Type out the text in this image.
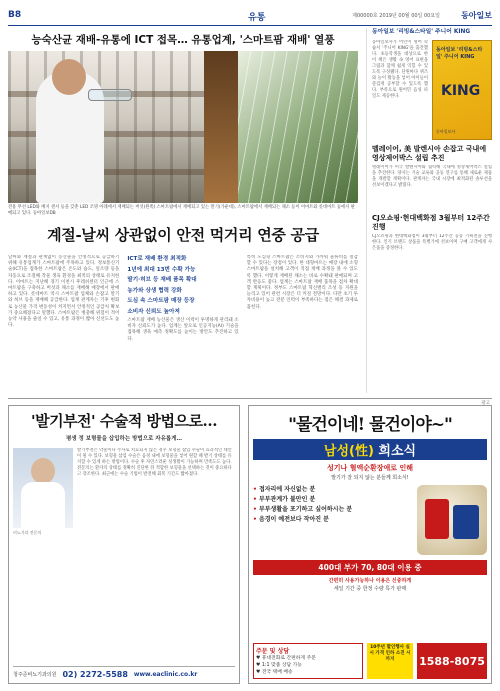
B8	유통	제00000호 2019년 00월 00일 00요일	동아일보
능숙산균 재배-유통에 ICT 접목… 유통업계, '스마트팜 재배' 열풍
전용 무선 LED와 배지 센서 등을 갖춘 LED 조명 아래에서 재배되는 버섯(왼쪽) 스마트팜에서 재배되고 있는 딸기(가운데), 스마트팜에서 재배되는 채소 등이 이마트와 롯데마트 등에서 판매되고 있다. 동아일보DB
계절-날씨 상관없이 안전 먹거리 연중 공급
날씨와 계절과 관계없이 농산물을 안정적으로 공급하기 위해 유통업계가 스마트팜에 주목하고 있다. 정보통신기술(ICT)을 접목한 스마트팜은 온도와 습도, 일조량 등을 자동으로 조절해 작물 생육 환경을 최적의 상태로 유지한다. 이마트는 지난해 경기 이천시 후레쉬센터 인근에 스마트팜을 구축하고 버섯과 채소를 재배해 매장에서 판매하고 있다. 롯데마트 역시 스마트팜 업체와 손잡고 딸기와 허브 등을 재배해 공급한다. 업계 관계자는 기후 변화로 농산물 가격 변동성이 커지면서 안정적인 공급처 확보가 중요해졌다고 말했다. 스마트팜은 병충해 위험이 적어 농약 사용을 줄일 수 있고, 유통 과정이 짧아 신선도도 높다.
ICT로 재배 환경 최적화
1년에 최대 13번 수확 가능
딸기·허브 등 재배 품목 확대
농가와 상생 협력 강화
도심 속 스마트팜 매장 등장
소비자 신뢰도 높아져
스마트팜 재배 농산물은 생산 이력이 투명하게 관리돼 소비자 신뢰도가 높다. 업계는 앞으로 인공지능(AI) 기술을 접목해 생육 예측 정확도를 높이는 방안도 추진하고 있다.
특히 도심형 스마트팜은 소비지와 가까워 물류비를 절감할 수 있다는 장점이 있다. 한 대형마트는 매장 내에 소형 스마트팜을 설치해 고객이 직접 재배 과정을 볼 수 있도록 했다. 이렇게 재배된 채소는 바로 수확돼 판매되며 고객 반응도 좋다. 업계는 스마트팜 재배 품목을 점차 확대할 계획이다. 정부도 스마트팜 혁신밸리 조성 등 지원을 늘리고 있어 관련 시장은 더 커질 전망이다. 다만 초기 투자비용이 높고 전문 인력이 부족하다는 점은 해결 과제로 꼽힌다.
동아일보 '리빙&스타일' 주니어 KING

동아일보사가 어린이 영어 학습서 '주니어 KING'을 출간했다. 초등학생을 대상으로 한 이 책은 생활 속 영어 표현을 그림과 함께 쉽게 익힐 수 있도록 구성됐다. 단원마다 퀴즈와 놀이 활동을 넣어 아이들이 즐겁게 공부할 수 있도록 했다. 부록으로 원어민 음성 파일도 제공한다.

동아일보 '리빙&스타일' 주니어 KING
KING
동아일보사
멜레이어, 美 발렌시아 손잡고 국내에 영상제어박스 설립 추진

멜레이어가 미국 발렌시아와 협력해 국내에 영상제어박스 설립을 추진한다. 양사는 기술 교류와 공동 연구를 통해 새로운 제품을 개발할 계획이다. 관계자는 국내 시장에 최적화된 솔루션을 선보이겠다고 밝혔다.

CJ오쇼핑·현대백화점 3월부터 12주간 진행

CJ오쇼핑과 현대백화점이 3월부터 12주간 공동 기획전을 진행한다. 인기 브랜드 상품을 특별가에 선보이며 구매 고객에게 사은품을 증정한다.

광고
'발기부전' 수술적 방법으로…
평생 정 보형물을 삽입하는 방법으로 자유롭게…
비뇨기과 전문의
발기부전은 약물이나 주사로 치료되지 않는 경우 보형물 삽입 수술이 효과적인 대안이 될 수 있다. 보형물 삽입 수술은 음경 내에 보형물을 넣어 원할 때 발기 상태를 유지할 수 있게 하는 방법이다. 수술 후 자연스러운 성생활이 가능하며 만족도도 높다. 전문의는 환자의 상태를 정확히 진단한 뒤 적합한 보형물을 선택하는 것이 중요하다고 강조한다. 최근에는 수술 기법이 발전해 회복 기간도 짧아졌다.
청주준비뇨기과의원 02) 2272-5588 www.eaclinic.co.kr
"물건이네! 물건이야~"
남성(性) 희소식
성기나 혈액순환장애로 인해
발기가 잘 되지 않는 분들께 희소식!
• 접자리에 자신없는 분
• 부부관계가 불만인 분
• 부부생활을 포기하고 싶어하시는 분
• 음경이 예전보다 작아진 분
400대 부가 70, 80대 이용 중
간편히 사용가능하나 이용은 신중하게
세일 기간 중 한정 수량 특가 판매
주문 및 상담
♥ 휴대전화로 간편하게 주문
♥ 1:1 맞춤 상담 가능
♥ 전국 택배 배송
10주년 할인행사 실시 가격 인하 소진 시까지	1588-8075
